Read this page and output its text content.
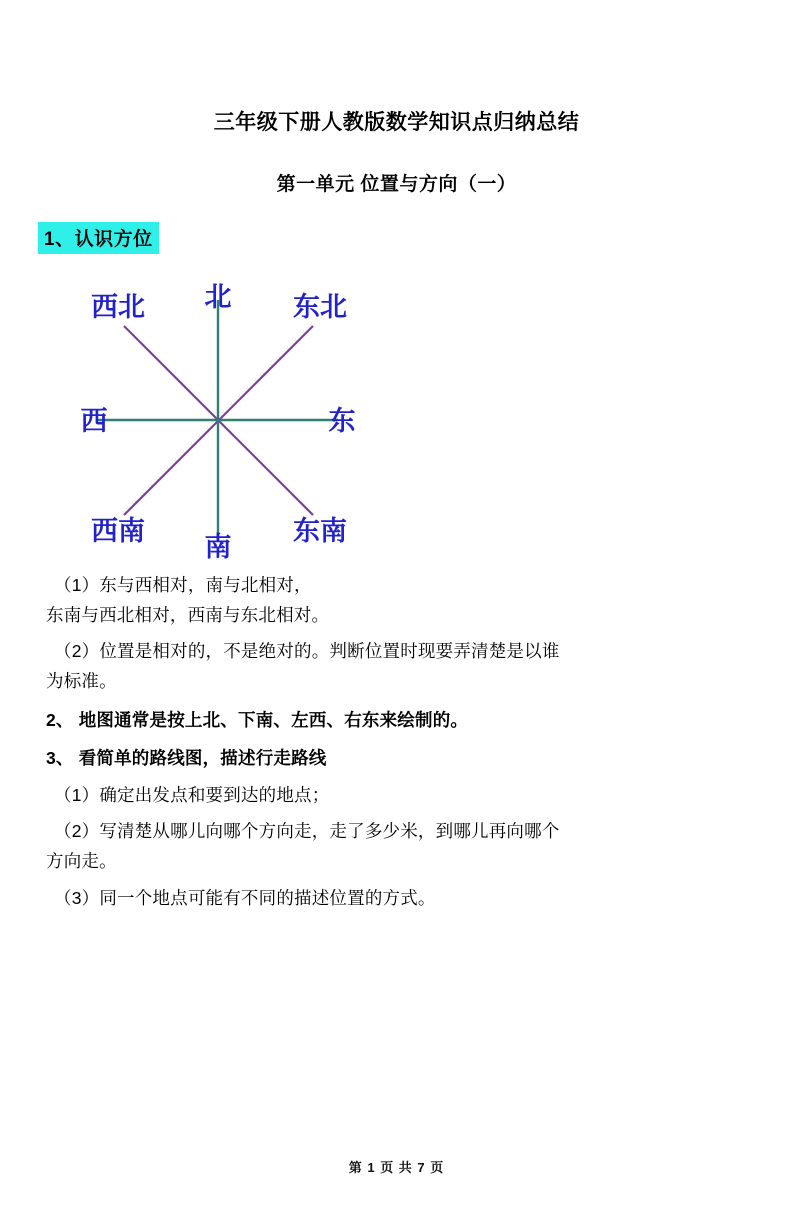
三年级下册人教版数学知识点归纳总结
第一单元 位置与方向（一）
1、认识方位
北
南
西	东
西北	东北
西南	东南
（1）东与西相对，南与北相对，
东南与西北相对，西南与东北相对。
（2）位置是相对的，不是绝对的。判断位置时现要弄清楚是以谁
为标准。
2、 地图通常是按上北、下南、左西、右东来绘制的。
3、 看简单的路线图，描述行走路线
（1）确定出发点和要到达的地点；
（2）写清楚从哪儿向哪个方向走，走了多少米，到哪儿再向哪个
方向走。
（3）同一个地点可能有不同的描述位置的方式。
第 1 页 共 7 页
